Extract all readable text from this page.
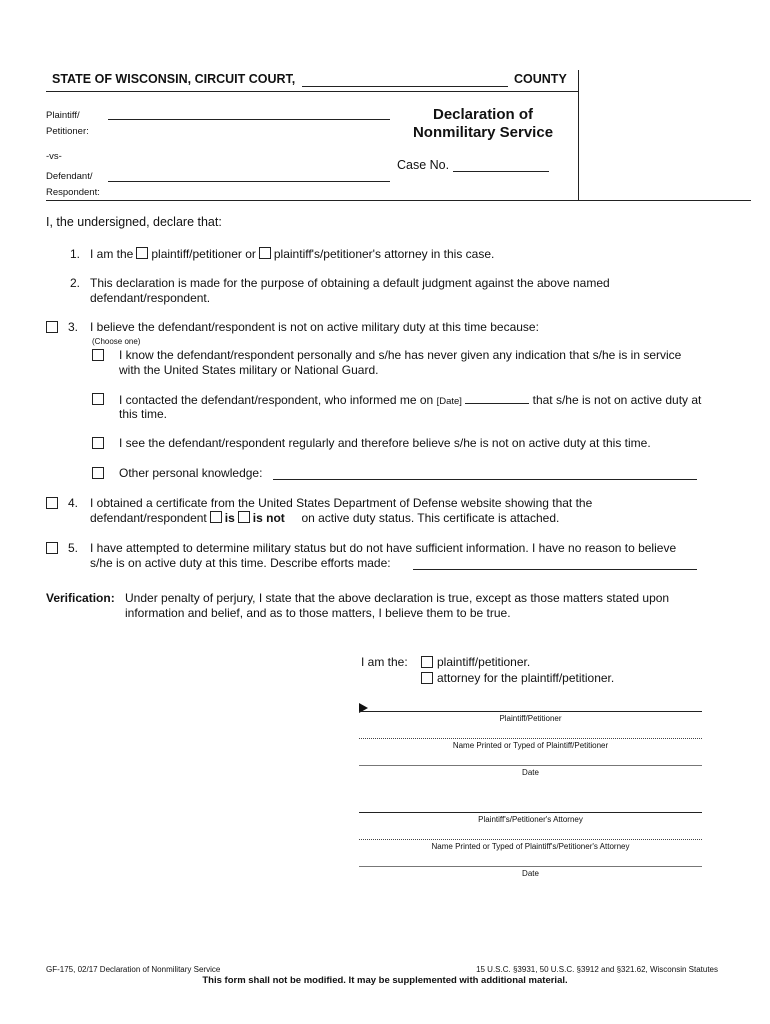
STATE OF WISCONSIN, CIRCUIT COURT,	COUNTY
Plaintiff/
Petitioner:
-vs-
Defendant/
Respondent:
Declaration of
Nonmilitary Service
Case No.
I, the undersigned, declare that:
1. I am the plaintiff/petitioner or plaintiff's/petitioner's attorney in this case.
2. This declaration is made for the purpose of obtaining a default judgment against the above named
defendant/respondent.
3. I believe the defendant/respondent is not on active military duty at this time because:
(Choose one)
I know the defendant/respondent personally and s/he has never given any indication that s/he is in service
with the United States military or National Guard.
I contacted the defendant/respondent, who informed me on [Date]	that s/he is not on active duty at
this time.
I see the defendant/respondent regularly and therefore believe s/he is not on active duty at this time.
Other personal knowledge:
4. I obtained a certificate from the United States Department of Defense website showing that the
defendant/respondent is is not on active duty status. This certificate is attached.
5. I have attempted to determine military status but do not have sufficient information. I have no reason to believe
s/he is on active duty at this time. Describe efforts made:
Verification: Under penalty of perjury, I state that the above declaration is true, except as those matters stated upon
information and belief, and as to those matters, I believe them to be true.
I am the: plaintiff/petitioner.
attorney for the plaintiff/petitioner.
Plaintiff/Petitioner
Name Printed or Typed of Plaintiff/Petitioner
Date
Plaintiff's/Petitioner's Attorney
Name Printed or Typed of Plaintiff's/Petitioner's Attorney
Date
GF-175, 02/17 Declaration of Nonmilitary Service	15 U.S.C. §3931, 50 U.S.C. §3912 and §321.62, Wisconsin Statutes
This form shall not be modified. It may be supplemented with additional material.
